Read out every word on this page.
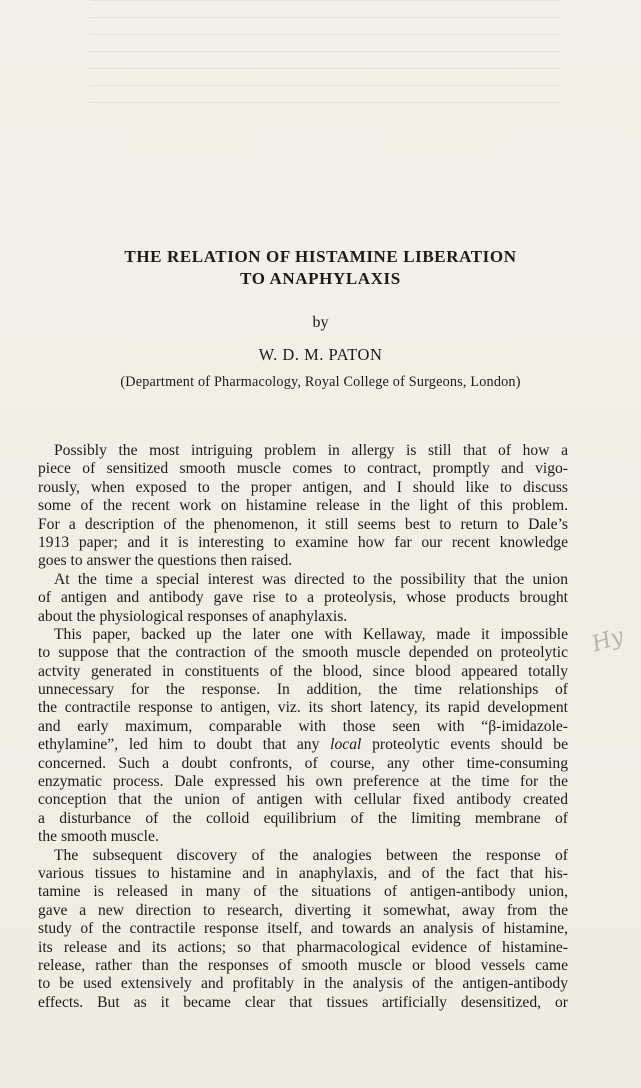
THE RELATION OF HISTAMINE LIBERATION
TO ANAPHYLAXIS
by
W. D. M. PATON
(Department of Pharmacology, Royal College of Surgeons, London)
Possibly the most intriguing problem in allergy is still that of how a
piece of sensitized smooth muscle comes to contract, promptly and vigo-
rously, when exposed to the proper antigen, and I should like to discuss
some of the recent work on histamine release in the light of this problem.
For a description of the phenomenon, it still seems best to return to Dale’s
1913 paper; and it is interesting to examine how far our recent knowledge
goes to answer the questions then raised.
At the time a special interest was directed to the possibility that the union
of antigen and antibody gave rise to a proteolysis, whose products brought
about the physiological responses of anaphylaxis.
This paper, backed up the later one with Kellaway, made it impossible
to suppose that the contraction of the smooth muscle depended on proteolytic
actvity generated in constituents of the blood, since blood appeared totally
unnecessary for the response. In addition, the time relationships of
the contractile response to antigen, viz. its short latency, its rapid development
and early maximum, comparable with those seen with “β-imidazole-
ethylamine”, led him to doubt that any local proteolytic events should be
concerned. Such a doubt confronts, of course, any other time-consuming
enzymatic process. Dale expressed his own preference at the time for the
conception that the union of antigen with cellular fixed antibody created
a disturbance of the colloid equilibrium of the limiting membrane of
the smooth muscle.
The subsequent discovery of the analogies between the response of
various tissues to histamine and in anaphylaxis, and of the fact that his-
tamine is released in many of the situations of antigen-antibody union,
gave a new direction to research, diverting it somewhat, away from the
study of the contractile response itself, and towards an analysis of histamine,
its release and its actions; so that pharmacological evidence of histamine-
release, rather than the responses of smooth muscle or blood vessels came
to be used extensively and profitably in the analysis of the antigen-antibody
effects. But as it became clear that tissues artificially desensitized, or
Hy
